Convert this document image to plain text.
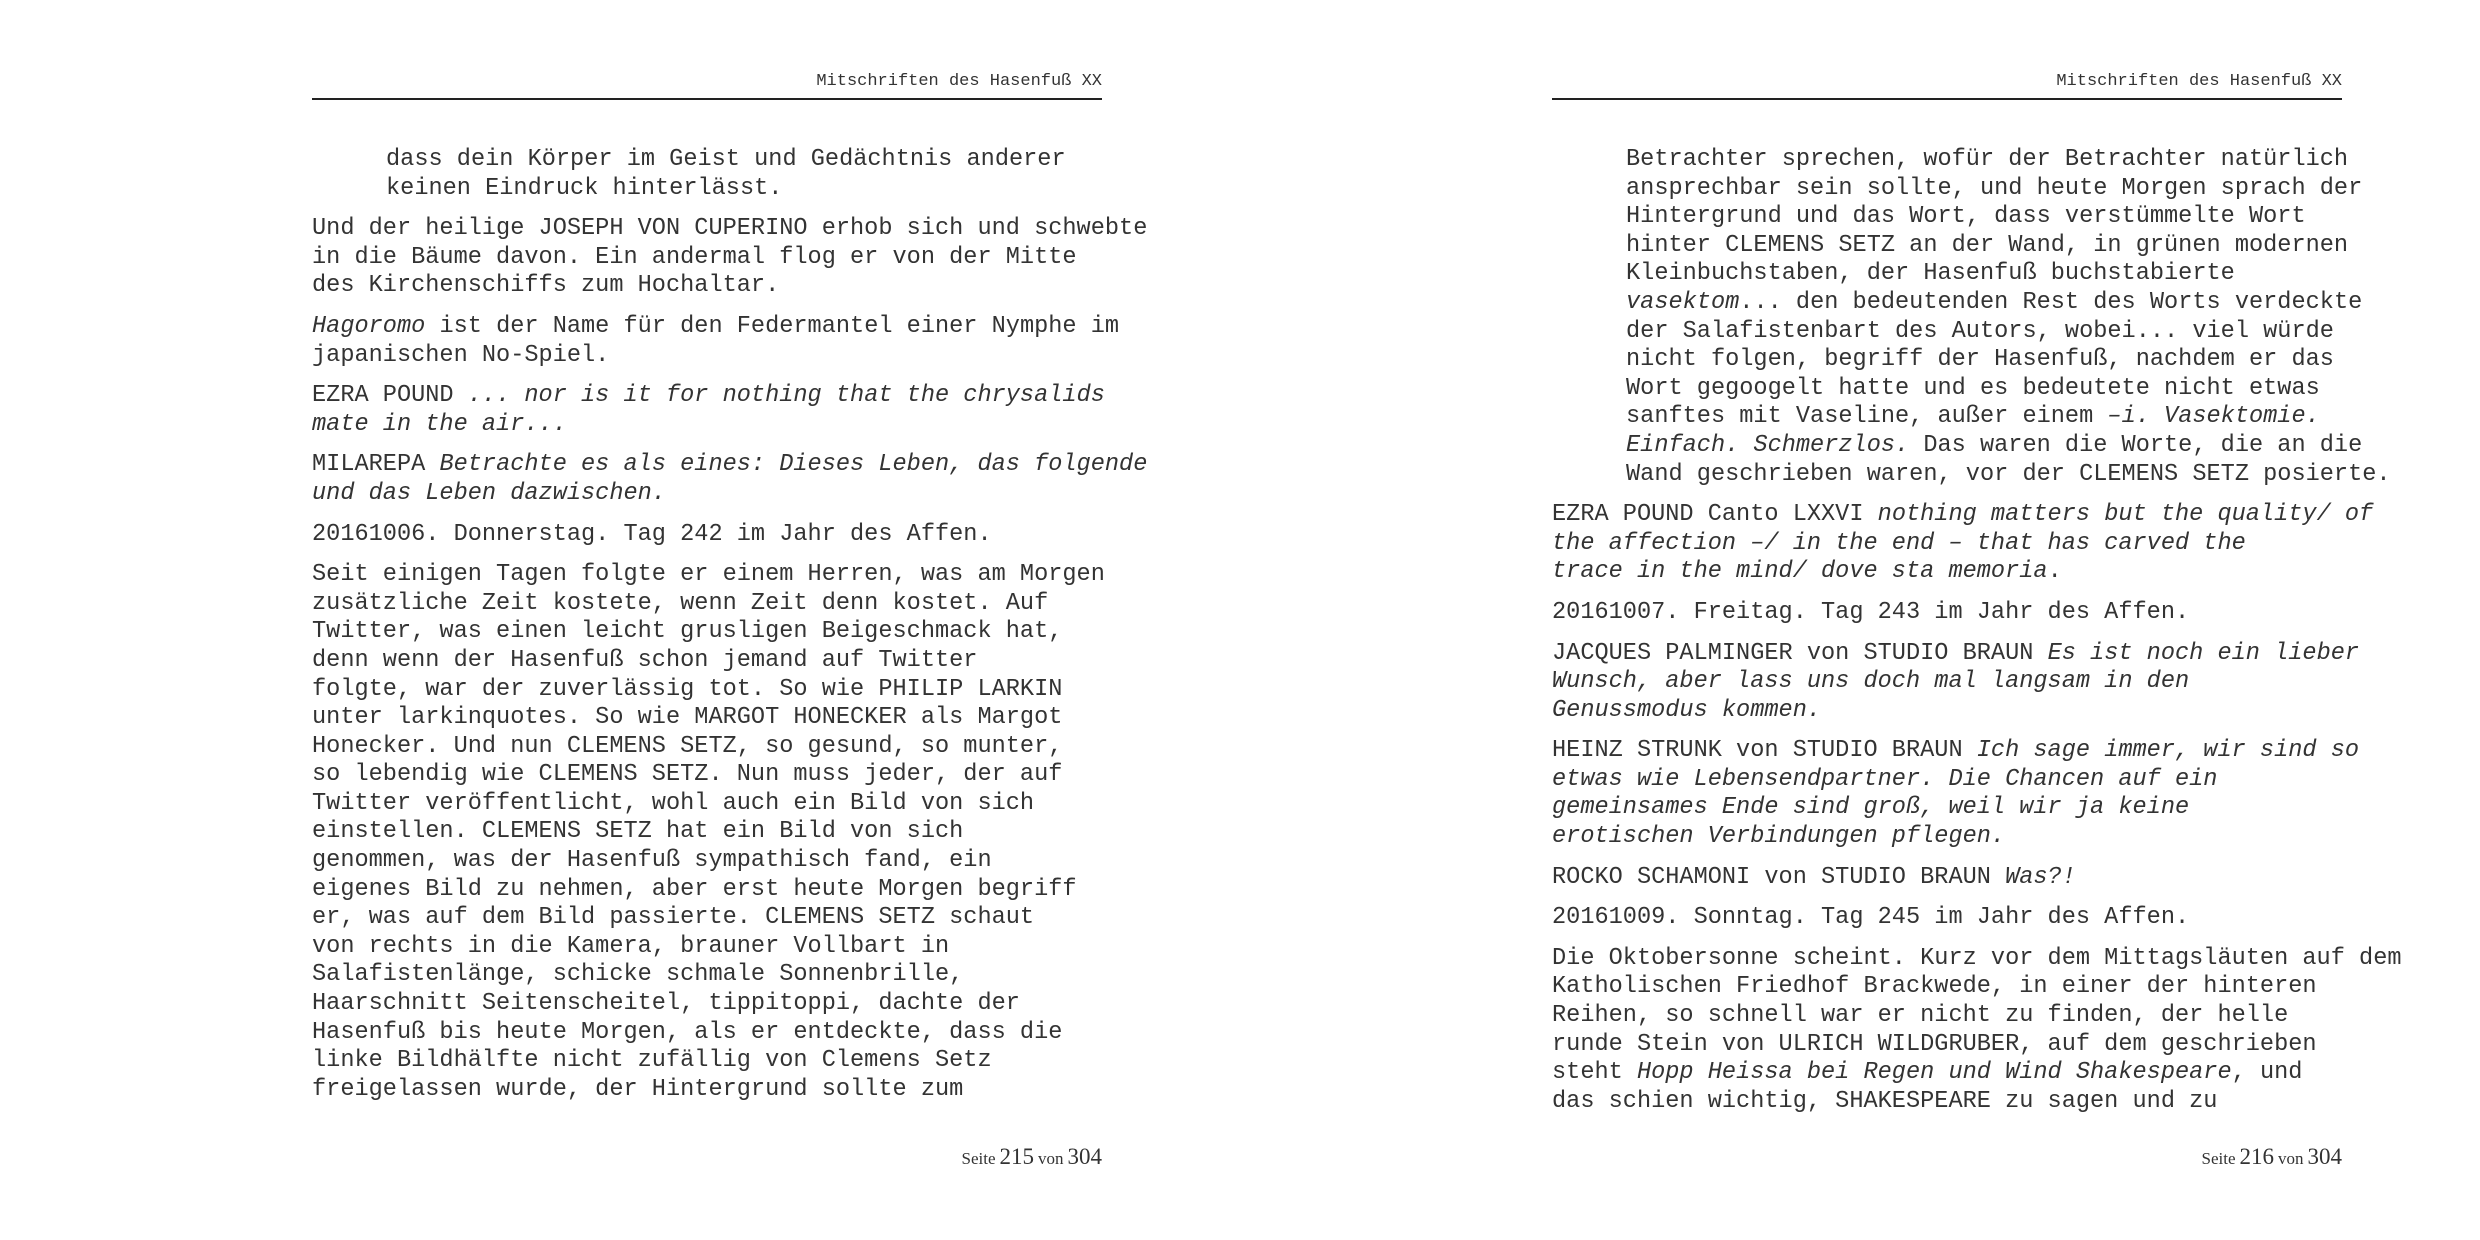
Mitschriften des Hasenfuß XX
dass dein Körper im Geist und Gedächtnis anderer
keinen Eindruck hinterlässt.
Und der heilige JOSEPH VON CUPERINO erhob sich und schwebte
in die Bäume davon. Ein andermal flog er von der Mitte
des Kirchenschiffs zum Hochaltar.
Hagoromo ist der Name für den Federmantel einer Nymphe im
japanischen No-Spiel.
EZRA POUND ... nor is it for nothing that the chrysalids
mate in the air...
MILAREPA Betrachte es als eines: Dieses Leben, das folgende
und das Leben dazwischen.
20161006. Donnerstag. Tag 242 im Jahr des Affen.
Seit einigen Tagen folgte er einem Herren, was am Morgen
zusätzliche Zeit kostete, wenn Zeit denn kostet. Auf
Twitter, was einen leicht grusligen Beigeschmack hat,
denn wenn der Hasenfuß schon jemand auf Twitter
folgte, war der zuverlässig tot. So wie PHILIP LARKIN
unter larkinquotes. So wie MARGOT HONECKER als Margot
Honecker. Und nun CLEMENS SETZ, so gesund, so munter,
so lebendig wie CLEMENS SETZ. Nun muss jeder, der auf
Twitter veröffentlicht, wohl auch ein Bild von sich
einstellen. CLEMENS SETZ hat ein Bild von sich
genommen, was der Hasenfuß sympathisch fand, ein
eigenes Bild zu nehmen, aber erst heute Morgen begriff
er, was auf dem Bild passierte. CLEMENS SETZ schaut
von rechts in die Kamera, brauner Vollbart in
Salafistenlänge, schicke schmale Sonnenbrille,
Haarschnitt Seitenscheitel, tippitoppi, dachte der
Hasenfuß bis heute Morgen, als er entdeckte, dass die
linke Bildhälfte nicht zufällig von Clemens Setz
freigelassen wurde, der Hintergrund sollte zum
Seite 215 von 304
Mitschriften des Hasenfuß XX
Betrachter sprechen, wofür der Betrachter natürlich
ansprechbar sein sollte, und heute Morgen sprach der
Hintergrund und das Wort, dass verstümmelte Wort
hinter CLEMENS SETZ an der Wand, in grünen modernen
Kleinbuchstaben, der Hasenfuß buchstabierte
vasektom... den bedeutenden Rest des Worts verdeckte
der Salafistenbart des Autors, wobei... viel würde
nicht folgen, begriff der Hasenfuß, nachdem er das
Wort gegoogelt hatte und es bedeutete nicht etwas
sanftes mit Vaseline, außer einem –i. Vasektomie.
Einfach. Schmerzlos. Das waren die Worte, die an die
Wand geschrieben waren, vor der CLEMENS SETZ posierte.
EZRA POUND Canto LXXVI nothing matters but the quality/ of
the affection –/ in the end – that has carved the
trace in the mind/ dove sta memoria.
20161007. Freitag. Tag 243 im Jahr des Affen.
JACQUES PALMINGER von STUDIO BRAUN Es ist noch ein lieber
Wunsch, aber lass uns doch mal langsam in den
Genussmodus kommen.
HEINZ STRUNK von STUDIO BRAUN Ich sage immer, wir sind so
etwas wie Lebensendpartner. Die Chancen auf ein
gemeinsames Ende sind groß, weil wir ja keine
erotischen Verbindungen pflegen.
ROCKO SCHAMONI von STUDIO BRAUN Was?!
20161009. Sonntag. Tag 245 im Jahr des Affen.
Die Oktobersonne scheint. Kurz vor dem Mittagsläuten auf dem
Katholischen Friedhof Brackwede, in einer der hinteren
Reihen, so schnell war er nicht zu finden, der helle
runde Stein von ULRICH WILDGRUBER, auf dem geschrieben
steht Hopp Heissa bei Regen und Wind Shakespeare, und
das schien wichtig, SHAKESPEARE zu sagen und zu
Seite 216 von 304
